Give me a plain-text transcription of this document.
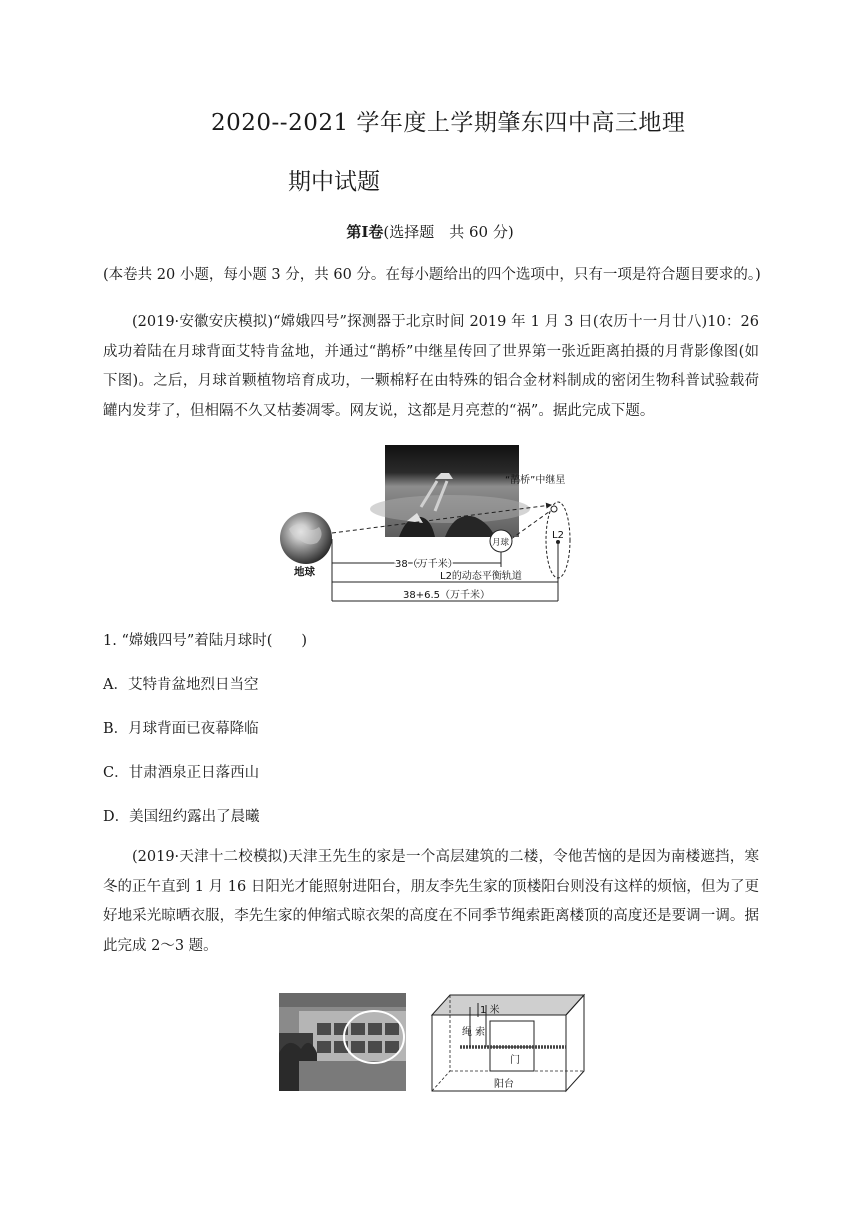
2020--2021 学年度上学期肇东四中高三地理
期中试题
第Ⅰ卷(选择题　共 60 分)
(本卷共 20 小题，每小题 3 分，共 60 分。在每小题给出的四个选项中，只有一项是符合题目要求的。)
(2019·安徽安庆模拟)“嫦娥四号”探测器于北京时间 2019 年 1 月 3 日(农历十一月廿八)10：26 成功着陆在月球背面艾特肯盆地，并通过“鹊桥”中继星传回了世界第一张近距离拍摄的月背影像图(如下图)。之后，月球首颗植物培育成功，一颗棉籽在由特殊的铝合金材料制成的密闭生物科普试验载荷罐内发芽了，但相隔不久又枯萎凋零。网友说，这都是月亮惹的“祸”。据此完成下题。
地球
“鹊桥”中继星
月球
L2
38（万千米）
L2的动态平衡轨道
38+6.5（万千米）
1. “嫦娥四号”着陆月球时(　　)
A．艾特肯盆地烈日当空
B．月球背面已夜幕降临
C．甘肃酒泉正日落西山
D．美国纽约露出了晨曦
(2019·天津十二校模拟)天津王先生的家是一个高层建筑的二楼，令他苦恼的是因为南楼遮挡，寒冬的正午直到 1 月 16 日阳光才能照射进阳台，朋友李先生家的顶楼阳台则没有这样的烦恼，但为了更好地采光晾晒衣服，李先生家的伸缩式晾衣架的高度在不同季节绳索距离楼顶的高度还是要调一调。据此完成 2～3 题。
1 米
绳 索
门
阳台
